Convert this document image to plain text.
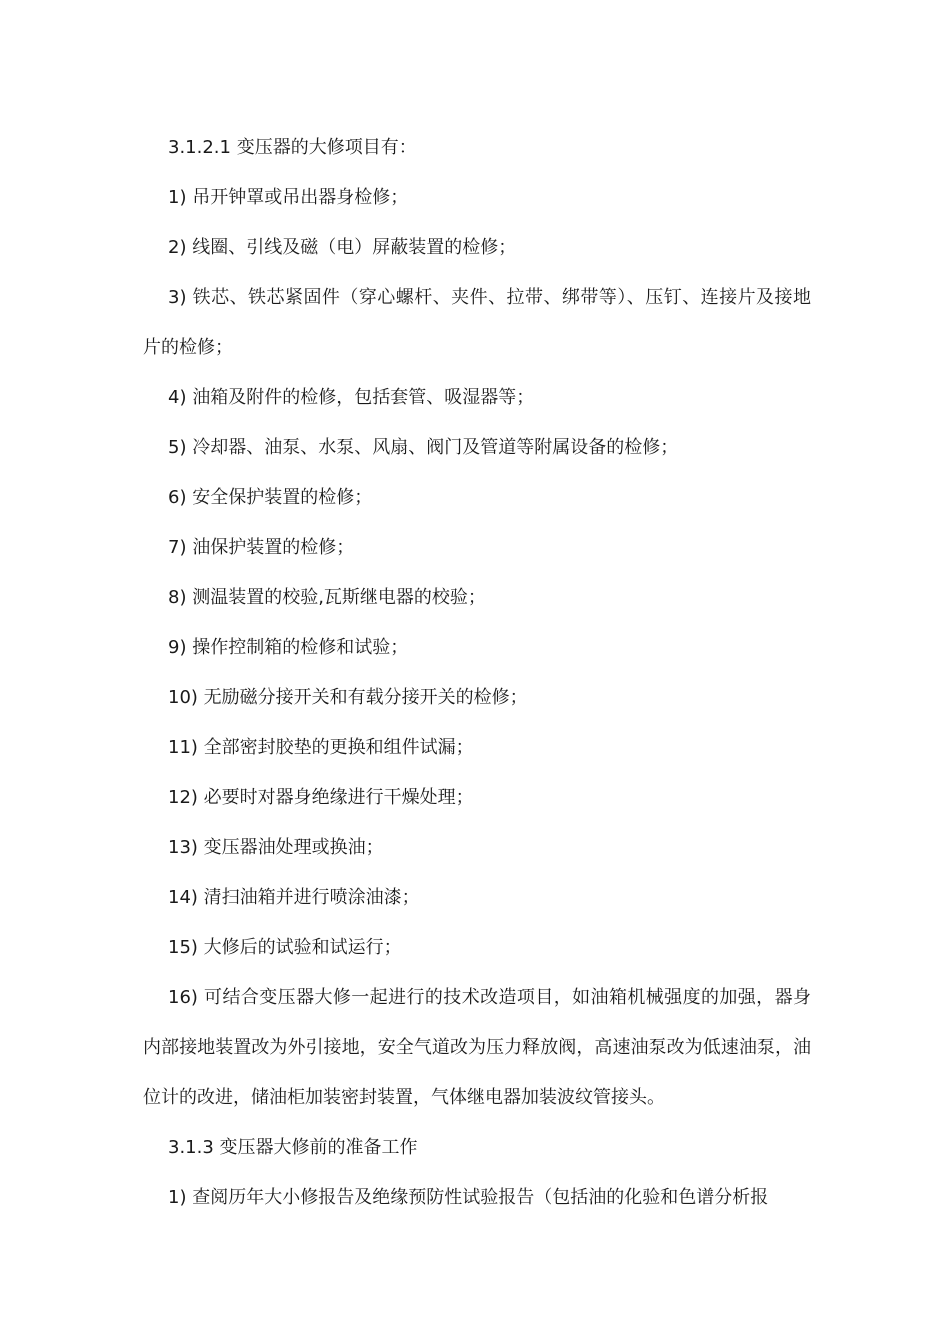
3.1.2.1 变压器的大修项目有：

1) 吊开钟罩或吊出器身检修；

2) 线圈、引线及磁（电）屏蔽装置的检修；

3) 铁芯、铁芯紧固件（穿心螺杆、夹件、拉带、绑带等）、压钉、连接片及接地片的检修；

4) 油箱及附件的检修，包括套管、吸湿器等；

5) 冷却器、油泵、水泵、风扇、阀门及管道等附属设备的检修；

6) 安全保护装置的检修；

7) 油保护装置的检修；

8) 测温装置的校验,瓦斯继电器的校验；

9) 操作控制箱的检修和试验；

10) 无励磁分接开关和有载分接开关的检修；

11) 全部密封胶垫的更换和组件试漏；

12) 必要时对器身绝缘进行干燥处理；

13) 变压器油处理或换油；

14) 清扫油箱并进行喷涂油漆；

15) 大修后的试验和试运行；

16) 可结合变压器大修一起进行的技术改造项目，如油箱机械强度的加强，器身内部接地装置改为外引接地，安全气道改为压力释放阀，高速油泵改为低速油泵，油位计的改进，储油柜加装密封装置，气体继电器加装波纹管接头。

3.1.3 变压器大修前的准备工作

1) 查阅历年大小修报告及绝缘预防性试验报告（包括油的化验和色谱分析报
